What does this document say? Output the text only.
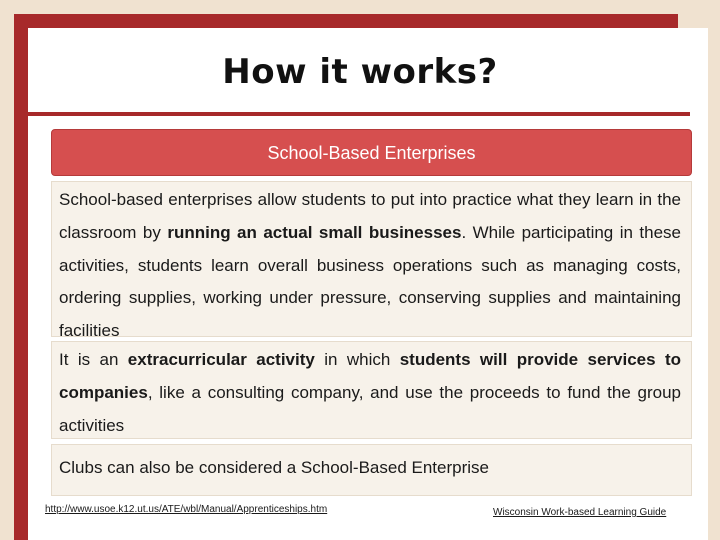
How it works?
School-Based Enterprises
School-based enterprises allow students to put into practice what they learn in the classroom by running an actual small businesses. While participating in these activities, students learn overall business operations such as managing costs, ordering supplies, working under pressure, conserving supplies and maintaining facilities
It is an extracurricular activity in which students will provide services to companies, like a consulting company, and use the proceeds to fund the group activities
Clubs can also be considered a School-Based Enterprise
http://www.usoe.k12.ut.us/ATE/wbl/Manual/Apprenticeships.htm	Wisconsin Work-based Learning Guide
